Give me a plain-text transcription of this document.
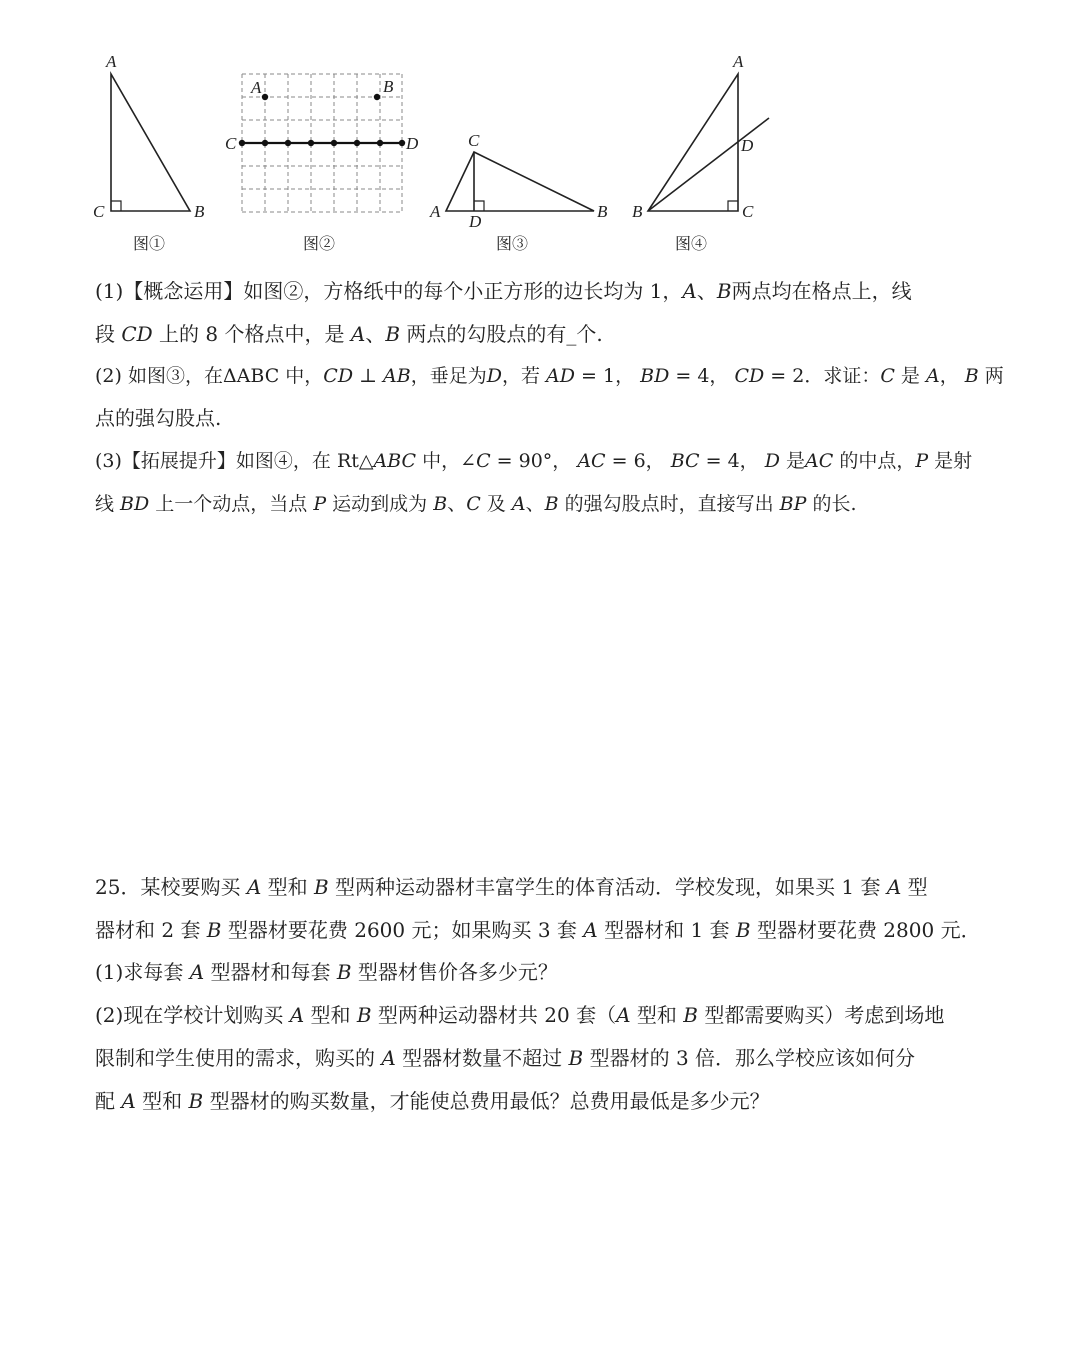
A
C	B
图①
A	B
C	D
图②
C
A	B
D
图③
A
D
B	C
图④
(1)【概念运用】如图②，方格纸中的每个小正方形的边长均为 1，A、B两点均在格点上，线
段 CD 上的 8 个格点中，是 A、B 两点的勾股点的有_个.
(2) 如图③，在ΔABC 中，CD ⊥ AB，垂足为D，若 AD = 1， BD = 4， CD = 2．求证：C 是 A， B 两
点的强勾股点.
(3)【拓展提升】如图④，在 Rt△ABC 中，∠C = 90°， AC = 6， BC = 4， D 是AC 的中点，P 是射
线 BD 上一个动点，当点 P 运动到成为 B、C 及 A、B 的强勾股点时，直接写出 BP 的长.
25．某校要购买 A 型和 B 型两种运动器材丰富学生的体育活动．学校发现，如果买 1 套 A 型
器材和 2 套 B 型器材要花费 2600 元；如果购买 3 套 A 型器材和 1 套 B 型器材要花费 2800 元．
(1)求每套 A 型器材和每套 B 型器材售价各多少元？
(2)现在学校计划购买 A 型和 B 型两种运动器材共 20 套（A 型和 B 型都需要购买）考虑到场地
限制和学生使用的需求，购买的 A 型器材数量不超过 B 型器材的 3 倍．那么学校应该如何分
配 A 型和 B 型器材的购买数量，才能使总费用最低？总费用最低是多少元？
